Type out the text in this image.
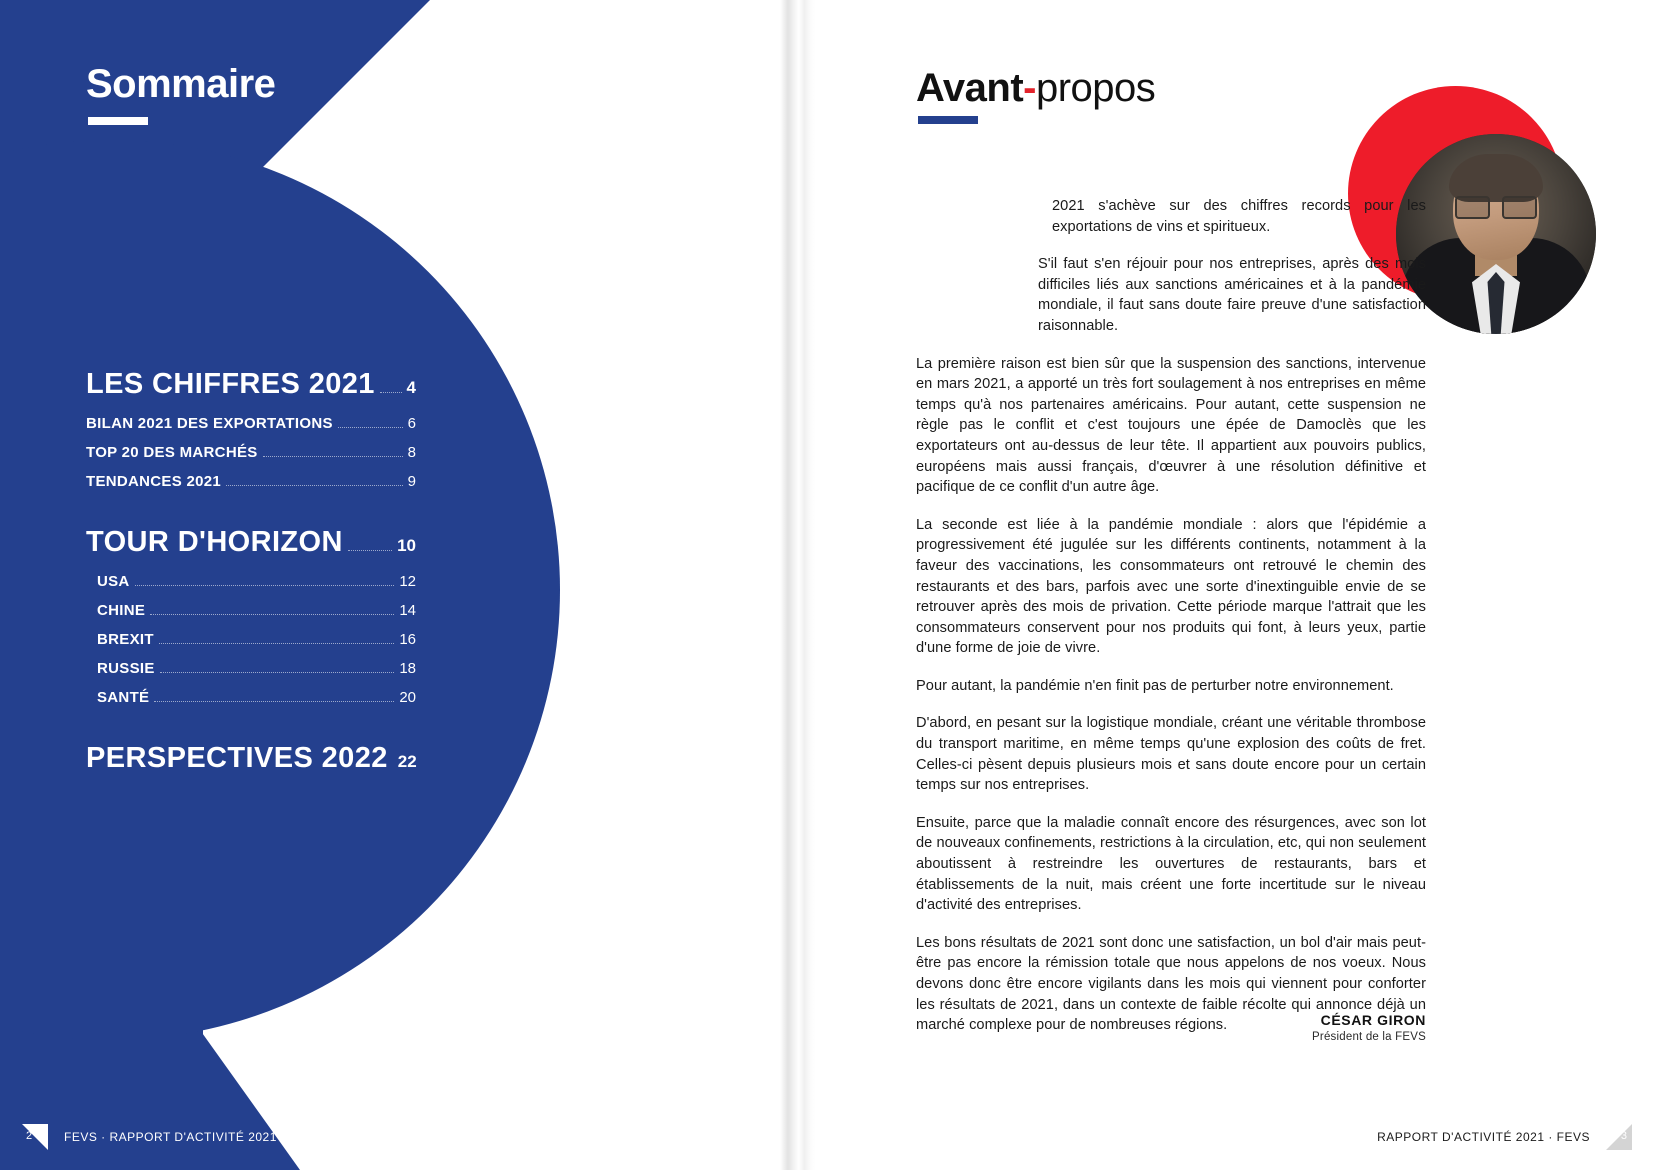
Sommaire
LES CHIFFRES 2021 4
BILAN 2021 DES EXPORTATIONS	6
TOP 20 DES MARCHÉS	8
TENDANCES 2021	9
TOUR D'HORIZON	10
USA	12
CHINE	14
BREXIT	16
RUSSIE	18
SANTÉ	20
PERSPECTIVES 2022 22
2	FEVS · RAPPORT D'ACTIVITÉ 2021
Avant-propos

2021 s'achève sur des chiffres records pour les exportations de vins et spiritueux.

S'il faut s'en réjouir pour nos entreprises, après des mois difficiles liés aux sanctions américaines et à la pandémie mondiale, il faut sans doute faire preuve d'une satisfaction raisonnable.

La première raison est bien sûr que la suspension des sanctions, intervenue en mars 2021, a apporté un très fort soulagement à nos entreprises en même temps qu'à nos partenaires américains. Pour autant, cette suspension ne règle pas le conflit et c'est toujours une épée de Damoclès que les exportateurs ont au-dessus de leur tête. Il appartient aux pouvoirs publics, européens mais aussi français, d'œuvrer à une résolution définitive et pacifique de ce conflit d'un autre âge.

La seconde est liée à la pandémie mondiale : alors que l'épidémie a progressivement été jugulée sur les différents continents, notamment à la faveur des vaccinations, les consommateurs ont retrouvé le chemin des restaurants et des bars, parfois avec une sorte d'inextinguible envie de se retrouver après des mois de privation. Cette période marque l'attrait que les consommateurs conservent pour nos produits qui font, à leurs yeux, partie d'une forme de joie de vivre.

Pour autant, la pandémie n'en finit pas de perturber notre environnement.

D'abord, en pesant sur la logistique mondiale, créant une véritable thrombose du transport maritime, en même temps qu'une explosion des coûts de fret. Celles-ci pèsent depuis plusieurs mois et sans doute encore pour un certain temps sur nos entreprises.

Ensuite, parce que la maladie connaît encore des résurgences, avec son lot de nouveaux confinements, restrictions à la circulation, etc, qui non seulement aboutissent à restreindre les ouvertures de restaurants, bars et établissements de la nuit, mais créent une forte incertitude sur le niveau d'activité des entreprises.

Les bons résultats de 2021 sont donc une satisfaction, un bol d'air mais peut-être pas encore la rémission totale que nous appelons de nos voeux. Nous devons donc être encore vigilants dans les mois qui viennent pour conforter les résultats de 2021, dans un contexte de faible récolte qui annonce déjà un marché complexe pour de nombreuses régions.	CÉSAR GIRON
Président de la FEVS
RAPPORT D'ACTIVITÉ 2021 · FEVS	3
